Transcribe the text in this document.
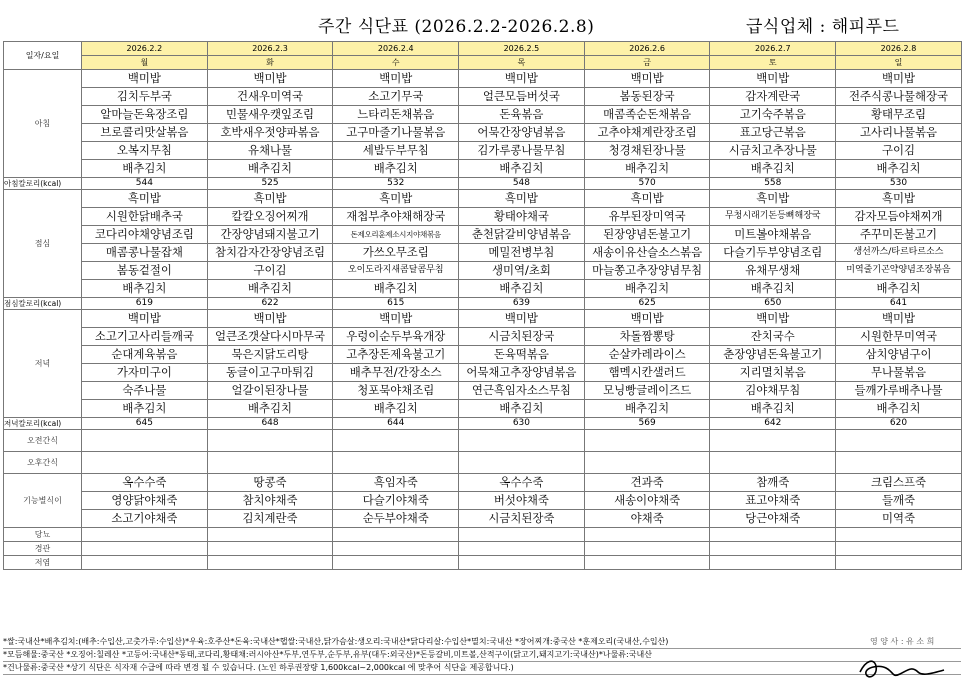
주간 식단표 (2026.2.2-2026.2.8)	급식업체 : 해피푸드
일자/요일	2026.2.2	2026.2.3	2026.2.4	2026.2.5	2026.2.6	2026.2.7	2026.2.8
	월	화	수	목	금	토	일
아침	백미밥	백미밥	백미밥	백미밥	백미밥	백미밥	백미밥
	김치두부국	건새우미역국	소고기무국	얼큰모듬버섯국	봄동된장국	감자계란국	전주식콩나물해장국
	알마늘돈육장조림	민물새우캣잎조림	느타리돈채볶음	돈육볶음	매콤족순돈채볶음	고기숙주볶음	황태무조림
	브로콜리맛살볶음	호박새우젓양파볶음	고구마줄기나물볶음	어묵간장양념볶음	고추야채계란장조림	표고당근볶음	고사리나물볶음
	오복지무침	유채나물	세발두부무침	김가루콩나물무침	청경채된장나물	시금치고추장나물	구이김
	배추김치	배추김치	배추김치	배추김치	배추김치	배추김치	배추김치
아침칼로리(kcal)	544	525	532	548	570	558	530
점심	흑미밥	흑미밥	흑미밥	흑미밥	흑미밥	흑미밥	흑미밥
	시원한닭배추국	칼칼오징어찌개	재첩부추야채해장국	황태야채국	유부된장미역국	무청시래기돈등뼈해장국	감자모듬야채찌개
	코다리야채양념조림	간장양념돼지불고기	돈제오리훈제소시지야채볶음	춘천닭갈비양념볶음	된장양념돈불고기	미트볼야채볶음	주꾸미돈불고기
	매콤콩나물잡채	참치감자간장양념조림	가쓰오무조림	메밀전병부침	새송이유산슬소스볶음	다슬기두부양념조림	생선까스/타르타르소스
	봄동겉절이	구이김	오이도라지새콤달콤무침	생미역/초회	마늘쫑고추장양념무침	유채무생채	미역줄기곤약양념조장볶음
	배추김치	배추김치	배추김치	배추김치	배추김치	배추김치	배추김치
점심칼로리(kcal)	619	622	615	639	625	650	641
저녁	백미밥	백미밥	백미밥	백미밥	백미밥	백미밥	백미밥
	소고기고사리들깨국	얼큰조갯살다시마무국	우렁이순두부육개장	시금치된장국	차돌짬뽕탕	잔치국수	시원한무미역국
	순대계육볶음	묵은지닭도리탕	고추장돈제육불고기	돈육떡볶음	순살카레라이스	춘장양념돈육불고기	삼치양념구이
	가자미구이	동글이고구마튀김	배추무전/간장소스	어묵채고추장양념볶음	햄멕시칸샐러드	지리멸치볶음	무나물볶음
	숙주나물	얼갈이된장나물	청포묵야채조림	연근흑임자소스무침	모닝빵글레이즈드	김야채무침	들깨가루배추나물
	배추김치	배추김치	배추김치	배추김치	배추김치	배추김치	배추김치
저녁칼로리(kcal)	645	648	644	630	569	642	620
오전간식							
오후간식							
기능별식이	옥수수죽	땅콩죽	흑임자죽	옥수수죽	견과죽	참깨죽	크림스프죽
	영양닭야채죽	참치야채죽	다슬기야채죽	버섯야채죽	새송이야채죽	표고야채죽	들깨죽
	소고기야채죽	김치계란죽	순두부야채죽	시금치된장죽	야채죽	당근야채죽	미역죽
당뇨							
경관							
저염							
*쌀:국내산*배추김치:(배추:수입산,고춧가루:수입산)*우육:호주산*돈육:국내산*햅쌀:국내산,닭가슴살:생오리:국내산*닭다리살:수입산*멸치:국내산 *장어찌개:중국산 *훈제오리(국내산,수입산)
*모듬해물:중국산 *오징어:칠레산 *고등어:국내산*동태,코다리,황태채:러시아산*두부,연두부,순두부,유부(대두:외국산)*돈등갈비,미트볼,산적구이(닭고기,돼지고기:국내산)*나물류:국내산
*건나물류:중국산 *상기 식단은 식자재 수급에 따라 변경 될 수 있습니다. (노인 하루권장량 1,600kcal~2,000kcal 에 맞추어 식단을 제공합니다.)
영 양 사 : 유 소 희
